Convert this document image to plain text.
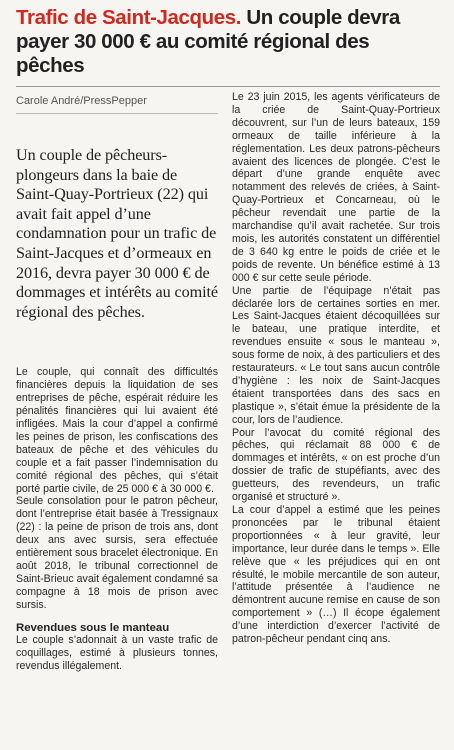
Trafic de Saint-Jacques. Un couple devra payer 30 000 € au comité régional des pêches
Carole André/PressPepper
Un couple de pêcheurs-plongeurs dans la baie de Saint-Quay-Portrieux (22) qui avait fait appel d’une condamnation pour un trafic de Saint-Jacques et d’ormeaux en 2016, devra payer 30 000 € de dommages et intérêts au comité régional des pêches.

Le couple, qui connaît des difficultés financières depuis la liquidation de ses entreprises de pêche, espérait réduire les pénalités financières qui lui avaient été infligées. Mais la cour d’appel a confirmé les peines de prison, les confiscations des bateaux de pêche et des véhicules du couple et a fait passer l’indemnisation du comité régional des pêches, qui s’était porté partie civile, de 25 000 € à 30 000 €.

Seule consolation pour le patron pêcheur, dont l’entreprise était basée à Tressignaux (22) : la peine de prison de trois ans, dont deux ans avec sursis, sera effectuée entièrement sous bracelet électronique. En août 2018, le tribunal correctionnel de Saint-Brieuc avait également condamné sa compagne à 18 mois de prison avec sursis.

Revendues sous le manteau

Le couple s’adonnait à un vaste trafic de coquillages, estimé à plusieurs tonnes, revendus illégalement.

Le 23 juin 2015, les agents vérificateurs de la criée de Saint-Quay-Portrieux découvrent, sur l’un de leurs bateaux, 159 ormeaux de taille inférieure à la réglementation. Les deux patrons-pêcheurs avaient des licences de plongée. C’est le départ d’une grande enquête avec notamment des relevés de criées, à Saint-Quay-Portrieux et Concarneau, où le pêcheur revendait une partie de la marchandise qu’il avait rachetée. Sur trois mois, les autorités constatent un différentiel de 3 640 kg entre le poids de criée et le poids de revente. Un bénéfice estimé à 13 000 € sur cette seule période.

Une partie de l’équipage n’était pas déclarée lors de certaines sorties en mer. Les Saint-Jacques étaient décoquillées sur le bateau, une pratique interdite, et revendues ensuite « sous le manteau », sous forme de noix, à des particuliers et des restaurateurs. « Le tout sans aucun contrôle d’hygiène : les noix de Saint-Jacques étaient transportées dans des sacs en plastique », s’était émue la présidente de la cour, lors de l’audience.

Pour l’avocat du comité régional des pêches, qui réclamait 88 000 € de dommages et intérêts, « on est proche d’un dossier de trafic de stupéfiants, avec des guetteurs, des revendeurs, un trafic organisé et structuré ».

La cour d’appel a estimé que les peines prononcées par le tribunal étaient proportionnées « à leur gravité, leur importance, leur durée dans le temps ». Elle relève que « les préjudices qui en ont résulté, le mobile mercantile de son auteur, l’attitude présentée à l’audience ne démontrent aucune remise en cause de son comportement » (…) Il écope également d’une interdiction d’exercer l’activité de patron-pêcheur pendant cinq ans.
